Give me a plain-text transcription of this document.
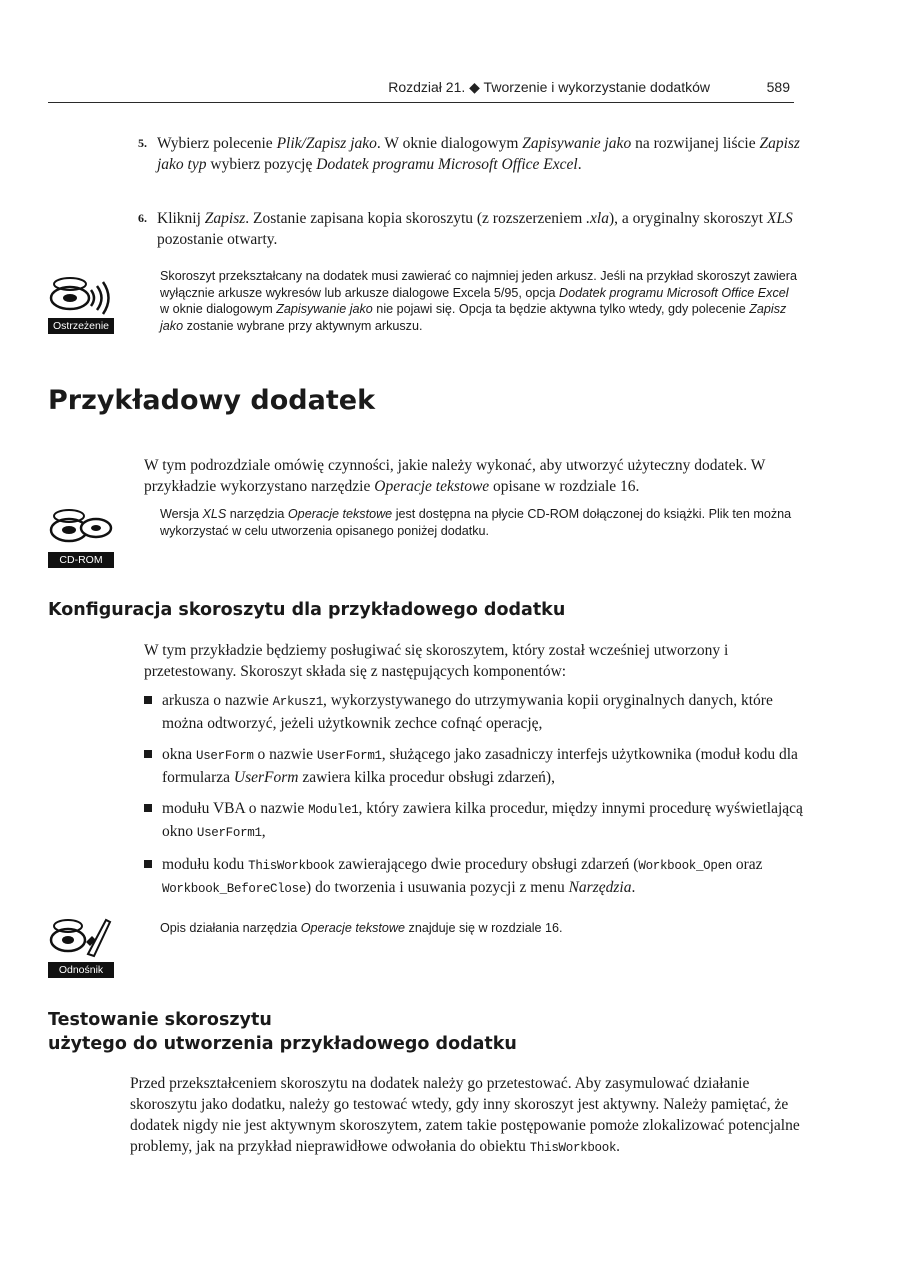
Rozdział 21. ◆ Tworzenie i wykorzystanie dodatków	589
5. Wybierz polecenie Plik/Zapisz jako. W oknie dialogowym Zapisywanie jako na rozwijanej liście Zapisz jako typ wybierz pozycję Dodatek programu Microsoft Office Excel.
6. Kliknij Zapisz. Zostanie zapisana kopia skoroszytu (z rozszerzeniem .xla), a oryginalny skoroszyt XLS pozostanie otwarty.
Ostrzeżenie
Skoroszyt przekształcany na dodatek musi zawierać co najmniej jeden arkusz. Jeśli na przykład skoroszyt zawiera wyłącznie arkusze wykresów lub arkusze dialogowe Excela 5/95, opcja Dodatek programu Microsoft Office Excel w oknie dialogowym Zapisywanie jako nie pojawi się. Opcja ta będzie aktywna tylko wtedy, gdy polecenie Zapisz jako zostanie wybrane przy aktywnym arkuszu.
Przykładowy dodatek
W tym podrozdziale omówię czynności, jakie należy wykonać, aby utworzyć użyteczny dodatek. W przykładzie wykorzystano narzędzie Operacje tekstowe opisane w rozdziale 16.
CD-ROM
Wersja XLS narzędzia Operacje tekstowe jest dostępna na płycie CD-ROM dołączonej do książki. Plik ten można wykorzystać w celu utworzenia opisanego poniżej dodatku.
Konfiguracja skoroszytu dla przykładowego dodatku
W tym przykładzie będziemy posługiwać się skoroszytem, który został wcześniej utworzony i przetestowany. Skoroszyt składa się z następujących komponentów:
arkusza o nazwie Arkusz1, wykorzystywanego do utrzymywania kopii oryginalnych danych, które można odtworzyć, jeżeli użytkownik zechce cofnąć operację,
okna UserForm o nazwie UserForm1, służącego jako zasadniczy interfejs użytkownika (moduł kodu dla formularza UserForm zawiera kilka procedur obsługi zdarzeń),
modułu VBA o nazwie Module1, który zawiera kilka procedur, między innymi procedurę wyświetlającą okno UserForm1,
modułu kodu ThisWorkbook zawierającego dwie procedury obsługi zdarzeń (Workbook_Open oraz Workbook_BeforeClose) do tworzenia i usuwania pozycji z menu Narzędzia.
Odnośnik
Opis działania narzędzia Operacje tekstowe znajduje się w rozdziale 16.
Testowanie skoroszytu
użytego do utworzenia przykładowego dodatku
Przed przekształceniem skoroszytu na dodatek należy go przetestować. Aby zasymulować działanie skoroszytu jako dodatku, należy go testować wtedy, gdy inny skoroszyt jest aktywny. Należy pamiętać, że dodatek nigdy nie jest aktywnym skoroszytem, zatem takie postępowanie pomoże zlokalizować potencjalne problemy, jak na przykład nieprawidłowe odwołania do obiektu ThisWorkbook.
